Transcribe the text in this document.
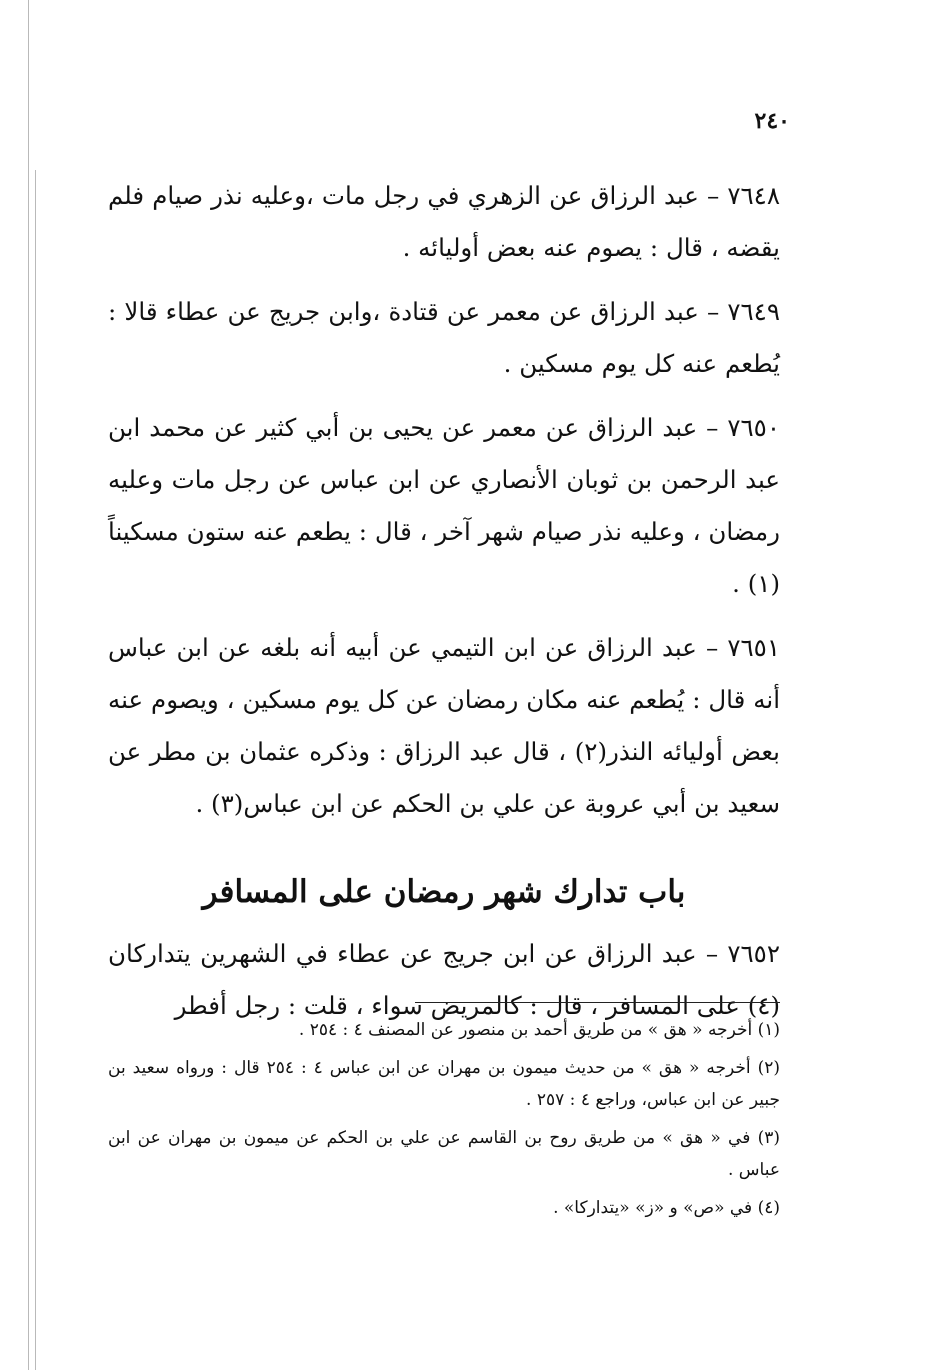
٢٤٠

٧٦٤٨ – عبد الرزاق عن الزهري في رجل مات ،وعليه نذر صيام فلم يقضه ، قال : يصوم عنه بعض أوليائه .

٧٦٤٩ – عبد الرزاق عن معمر عن قتادة ،وابن جريج عن عطاء قالا : يُطعم عنه كل يوم مسكين .

٧٦٥٠ – عبد الرزاق عن معمر عن يحيى بن أبي كثير عن محمد ابن عبد الرحمن بن ثوبان الأنصاري عن ابن عباس عن رجل مات وعليه رمضان ، وعليه نذر صيام شهر آخر ، قال : يطعم عنه ستون مسكيناً (١) .

٧٦٥١ – عبد الرزاق عن ابن التيمي عن أبيه أنه بلغه عن ابن عباس أنه قال : يُطعم عنه مكان رمضان عن كل يوم مسكين ، ويصوم عنه بعض أوليائه النذر(٢) ، قال عبد الرزاق : وذكره عثمان بن مطر عن سعيد بن أبي عروبة عن علي بن الحكم عن ابن عباس(٣) .

باب تدارك شهر رمضان على المسافر

٧٦٥٢ – عبد الرزاق عن ابن جريج عن عطاء في الشهرين يتداركان (٤) على المسافر ، قال : كالمريض سواء ، قلت : رجل أفطر

(١) أخرجه « هق » من طريق أحمد بن منصور عن المصنف ٤ : ٢٥٤ .

(٢) أخرجه « هق » من حديث ميمون بن مهران عن ابن عباس ٤ : ٢٥٤ قال : ورواه سعيد بن جبير عن ابن عباس، وراجع ٤ : ٢٥٧ .

(٣) في « هق » من طريق روح بن القاسم عن علي بن الحكم عن ميمون بن مهران عن ابن عباس .

(٤) في «ص» و «ز» «يتداركا» .
